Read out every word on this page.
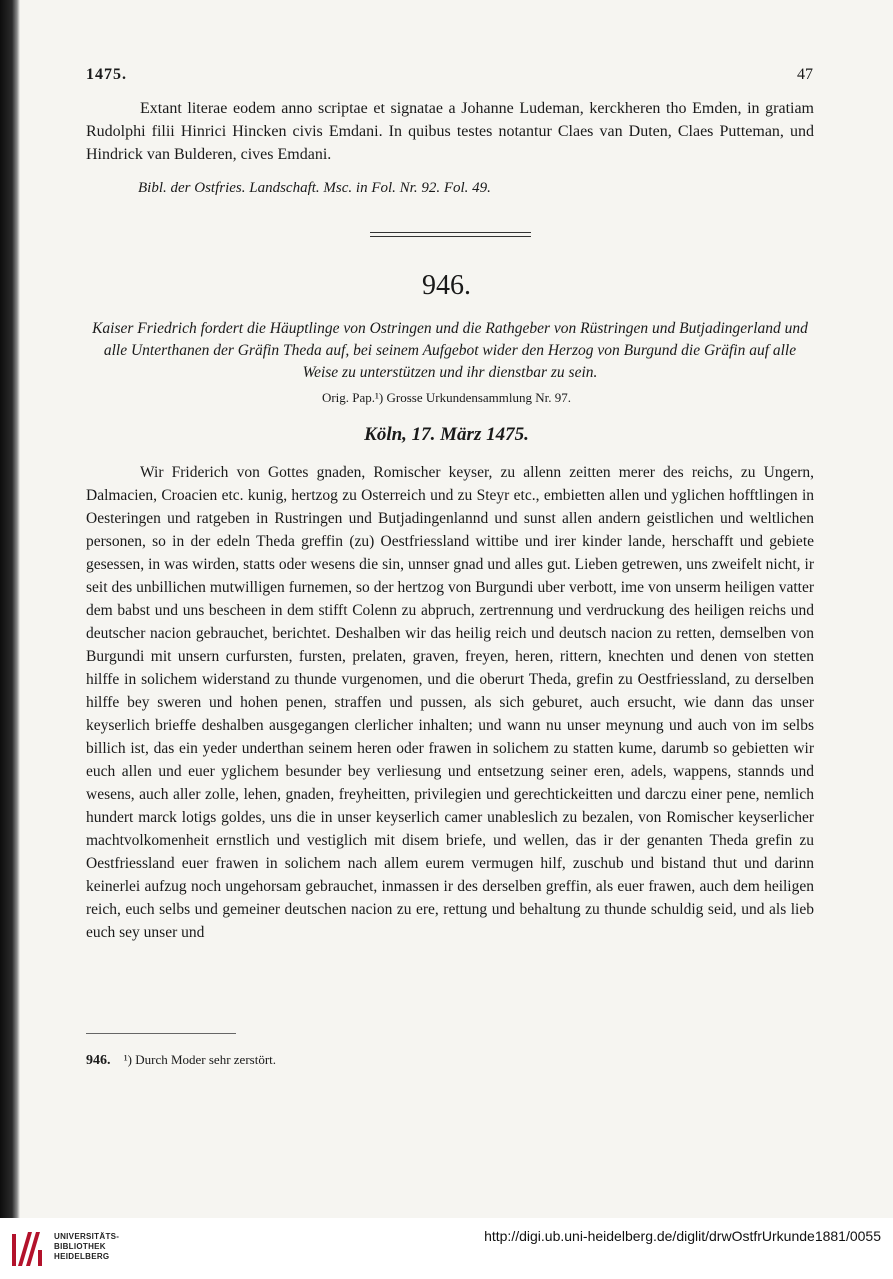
1475.	47

Extant literae eodem anno scriptae et signatae a Johanne Ludeman, kerckheren tho Emden, in gratiam Rudolphi filii Hinrici Hincken civis Emdani. In quibus testes notantur Claes van Duten, Claes Putteman, und Hindrick van Bulderen, cives Emdani.

Bibl. der Ostfries. Landschaft. Msc. in Fol. Nr. 92. Fol. 49.
946.
Kaiser Friedrich fordert die Häuptlinge von Ostringen und die Rathgeber von Rüstringen und Butjadingerland und alle Unterthanen der Gräfin Theda auf, bei seinem Aufgebot wider den Herzog von Burgund die Gräfin auf alle Weise zu unterstützen und ihr dienstbar zu sein.
Orig. Pap.¹) Grosse Urkundensammlung Nr. 97.
Köln, 17. März 1475.

Wir Friderich von Gottes gnaden, Romischer keyser, zu allenn zeitten merer des reichs, zu Ungern, Dalmacien, Croacien etc. kunig, hertzog zu Osterreich und zu Steyr etc., embietten allen und yglichen hofftlingen in Oesteringen und ratgeben in Rustringen und Butjadingenlannd und sunst allen andern geistlichen und weltlichen personen, so in der edeln Theda greffin (zu) Oestfriessland wittibe und irer kinder lande, herschafft und gebiete gesessen, in was wirden, statts oder wesens die sin, unnser gnad und alles gut. Lieben getrewen, uns zweifelt nicht, ir seit des unbillichen mutwilligen furnemen, so der hertzog von Burgundi uber verbott, ime von unserm heiligen vatter dem babst und uns bescheen in dem stifft Colenn zu abpruch, zertrennung und verdruckung des heiligen reichs und deutscher nacion gebrauchet, berichtet. Deshalben wir das heilig reich und deutsch nacion zu retten, demselben von Burgundi mit unsern curfursten, fursten, prelaten, graven, freyen, heren, rittern, knechten und denen von stetten hilffe in solichem widerstand zu thunde vurgenomen, und die oberurt Theda, grefin zu Oestfriessland, zu derselben hilffe bey sweren und hohen penen, straffen und pussen, als sich geburet, auch ersucht, wie dann das unser keyserlich brieffe deshalben ausgegangen clerlicher inhalten; und wann nu unser meynung und auch von im selbs billich ist, das ein yeder underthan seinem heren oder frawen in solichem zu statten kume, darumb so gebietten wir euch allen und euer yglichem besunder bey verliesung und entsetzung seiner eren, adels, wappens, stannds und wesens, auch aller zolle, lehen, gnaden, freyheitten, privilegien und gerechtickeitten und darczu einer pene, nemlich hundert marck lotigs goldes, uns die in unser keyserlich camer unableslich zu bezalen, von Romischer keyserlicher machtvolkomenheit ernstlich und vestiglich mit disem briefe, und wellen, das ir der genanten Theda grefin zu Oestfriessland euer frawen in solichem nach allem eurem vermugen hilf, zuschub und bistand thut und darinn keinerlei aufzug noch ungehorsam gebrauchet, inmassen ir des derselben greffin, als euer frawen, auch dem heiligen reich, euch selbs und gemeiner deutschen nacion zu ere, rettung und behaltung zu thunde schuldig seid, und als lieb euch sey unser und

946. ¹) Durch Moder sehr zerstört.
UNIVERSITÄTS-
BIBLIOTHEK
HEIDELBERG
http://digi.ub.uni-heidelberg.de/diglit/drwOstfrUrkunde1881/0055
